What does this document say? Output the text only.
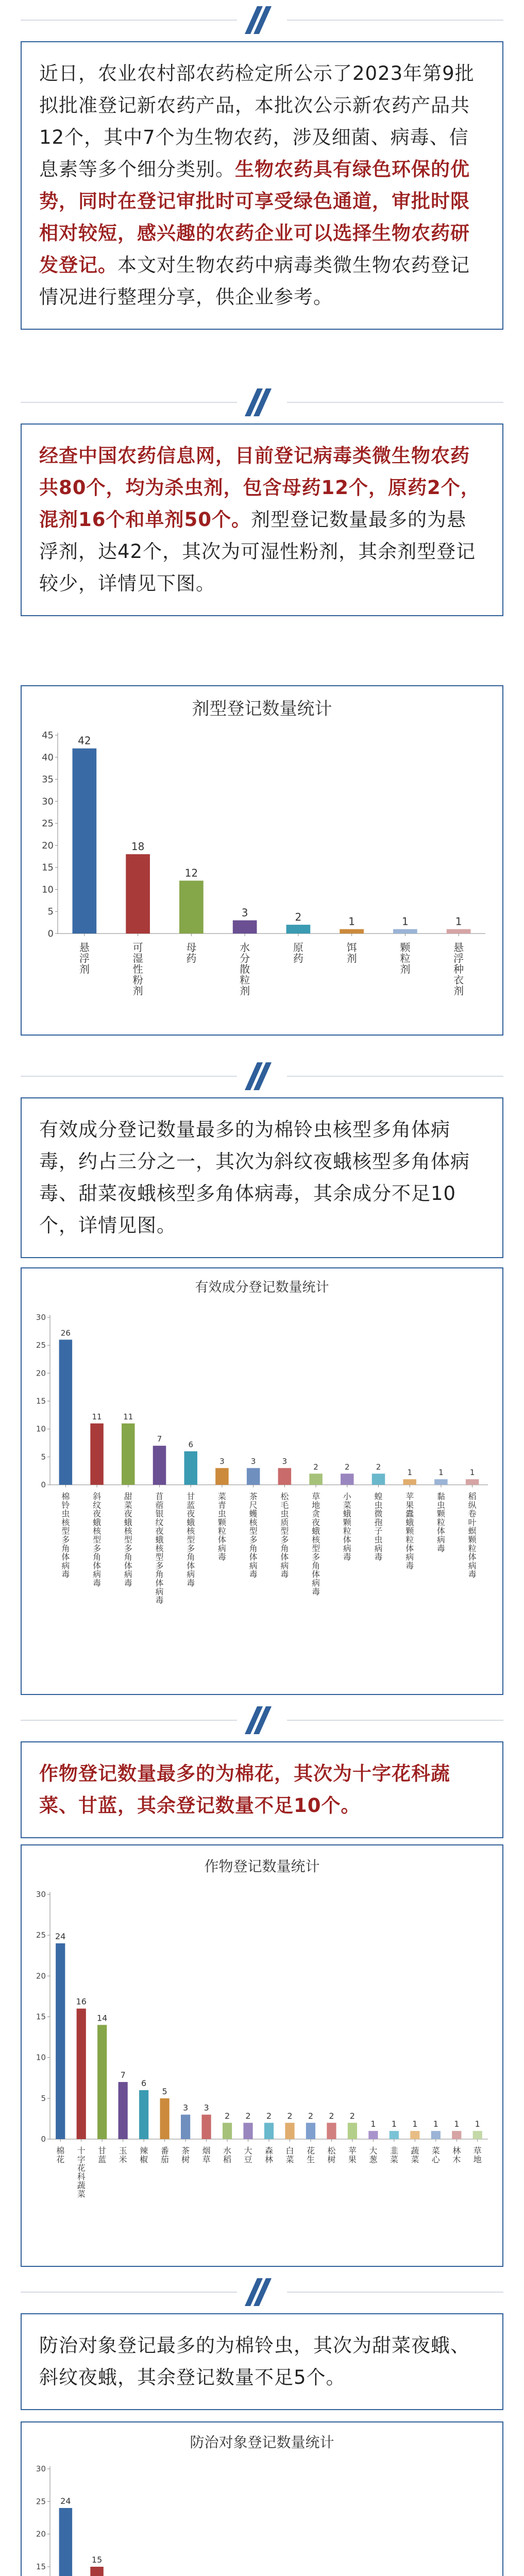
近日，农业农村部农药检定所公示了2023年第9批拟批准登记新农药产品，本批次公示新农药产品共12个，其中7个为生物农药，涉及细菌、病毒、信息素等多个细分类别。生物农药具有绿色环保的优势，同时在登记审批时可享受绿色通道，审批时限相对较短，感兴趣的农药企业可以选择生物农药研发登记。本文对生物农药中病毒类微生物农药登记情况进行整理分享，供企业参考。
经查中国农药信息网，目前登记病毒类微生物农药共80个，均为杀虫剂，包含母药12个，原药2个，混剂16个和单剂50个。剂型登记数量最多的为悬浮剂，达42个，其次为可湿性粉剂，其余剂型登记较少，详情见下图。
剂型登记数量统计
0
5
10
15
20
25
30
35
40
45 42
悬浮剂
18
可湿性粉剂
12
母药
3
水分散粒剂
2
原药
1
饵剂
1
颗粒剂
1
悬浮种衣剂
有效成分登记数量最多的为棉铃虫核型多角体病毒，约占三分之一，其次为斜纹夜蛾核型多角体病毒、甜菜夜蛾核型多角体病毒，其余成分不足10个，详情见图。
有效成分登记数量统计
0
5
10
15
20
25
30
26
棉铃虫核型多角体病毒
11
斜纹夜蛾核型多角体病毒
11
甜菜夜蛾核型多角体病毒
7
苜蓿银纹夜蛾核型多角体病毒
6
甘蓝夜蛾核型多角体病毒
3
菜青虫颗粒体病毒
3
茶尺蠖核型多角体病毒
3
松毛虫质型多角体病毒
2
草地贪夜蛾核型多角体病毒
2
小菜蛾颗粒体病毒
2
蝗虫微孢子虫病毒
1
苹果蠹蛾颗粒体病毒
1
黏虫颗粒体病毒
1
稻纵卷叶螟颗粒体病毒
作物登记数量最多的为棉花，其次为十字花科蔬菜、甘蓝，其余登记数量不足10个。
作物登记数量统计
0
5
10
15
20
25
30
24
棉花
16
十字花科蔬菜
14
甘蓝
7
玉米
6
辣椒
5
番茄
3
茶树
3
烟草
2
水稻
2
大豆
2
森林
2
白菜
2
花生
2
松树
2
苹果
1
大葱
1
韭菜
1
蔬菜
1
菜心
1
林木
1
草地
防治对象登记最多的为棉铃虫，其次为甜菜夜蛾、斜纹夜蛾，其余登记数量不足5个。
防治对象登记数量统计
15
20
25
30
24
15
